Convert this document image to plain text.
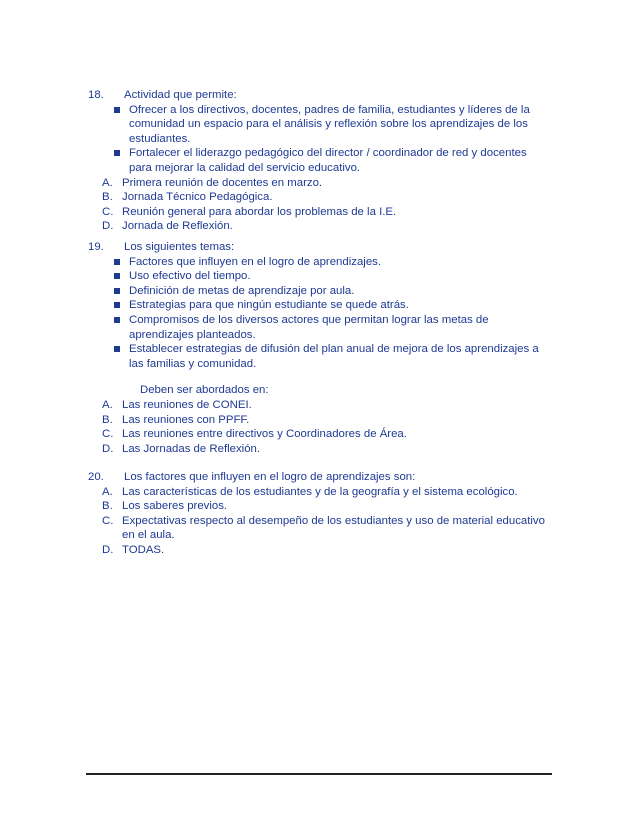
18.	Actividad que permite:
Ofrecer a los directivos, docentes, padres de familia, estudiantes y líderes de la comunidad un espacio para el análisis y reflexión sobre los aprendizajes de los estudiantes.
Fortalecer el liderazgo pedagógico del director / coordinador de red y docentes para mejorar la calidad del servicio educativo.
A. Primera reunión de docentes en marzo.
B. Jornada Técnico Pedagógica.
C. Reunión general para abordar los problemas de la I.E.
D. Jornada de Reflexión.
19.	Los siguientes temas:
Factores que influyen en el logro de aprendizajes.
Uso efectivo del tiempo.
Definición de metas de aprendizaje por aula.
Estrategias para que ningún estudiante se quede atrás.
Compromisos de los diversos actores que permitan lograr las metas de aprendizajes planteados.
Establecer estrategias de difusión del plan anual de mejora de los aprendizajes a las familias y comunidad.
Deben ser abordados en:
A. Las reuniones de CONEI.
B. Las reuniones con PPFF.
C. Las reuniones entre directivos y Coordinadores de Área.
D. Las Jornadas de Reflexión.
20.	Los factores que influyen en el logro de aprendizajes son:
A. Las características de los estudiantes y de la geografía y el sistema ecológico.
B. Los saberes previos.
C. Expectativas respecto al desempeño de los estudiantes y uso de material educativo en el aula.
D. TODAS.
